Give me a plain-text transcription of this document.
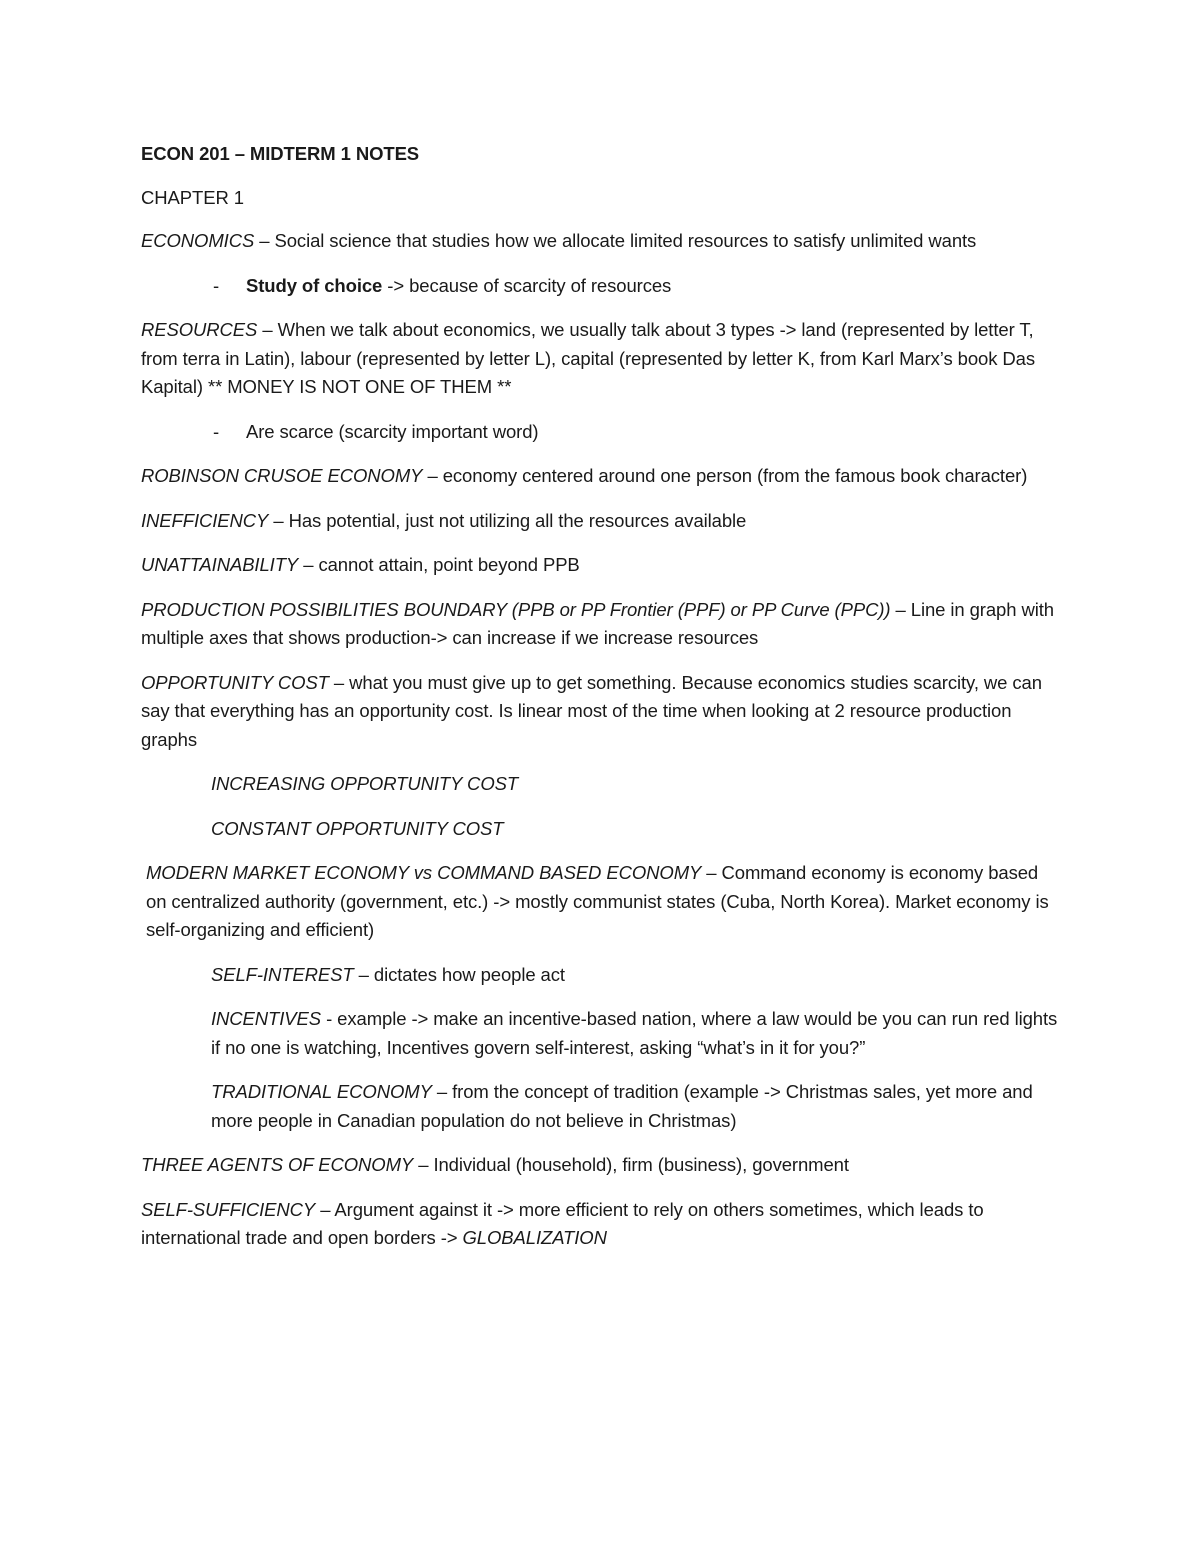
ECON 201 – MIDTERM 1 NOTES

CHAPTER 1

ECONOMICS – Social science that studies how we allocate limited resources to satisfy unlimited wants

- Study of choice -> because of scarcity of resources

RESOURCES – When we talk about economics, we usually talk about 3 types -> land (represented by letter T, from terra in Latin), labour (represented by letter L), capital (represented by letter K, from Karl Marx’s book Das Kapital) ** MONEY IS NOT ONE OF THEM **

- Are scarce (scarcity important word)

ROBINSON CRUSOE ECONOMY – economy centered around one person (from the famous book character)

INEFFICIENCY – Has potential, just not utilizing all the resources available

UNATTAINABILITY – cannot attain, point beyond PPB

PRODUCTION POSSIBILITIES BOUNDARY (PPB or PP Frontier (PPF) or PP Curve (PPC)) – Line in graph with multiple axes that shows production-> can increase if we increase resources

OPPORTUNITY COST – what you must give up to get something. Because economics studies scarcity, we can say that everything has an opportunity cost. Is linear most of the time when looking at 2 resource production graphs

INCREASING OPPORTUNITY COST

CONSTANT OPPORTUNITY COST

MODERN MARKET ECONOMY vs COMMAND BASED ECONOMY – Command economy is economy based on centralized authority (government, etc.) -> mostly communist states (Cuba, North Korea). Market economy is self-organizing and efficient)

SELF-INTEREST – dictates how people act

INCENTIVES - example -> make an incentive-based nation, where a law would be you can run red lights if no one is watching, Incentives govern self-interest, asking “what’s in it for you?”

TRADITIONAL ECONOMY – from the concept of tradition (example -> Christmas sales, yet more and more people in Canadian population do not believe in Christmas)

THREE AGENTS OF ECONOMY – Individual (household), firm (business), government

SELF-SUFFICIENCY – Argument against it -> more efficient to rely on others sometimes, which leads to international trade and open borders -> GLOBALIZATION
